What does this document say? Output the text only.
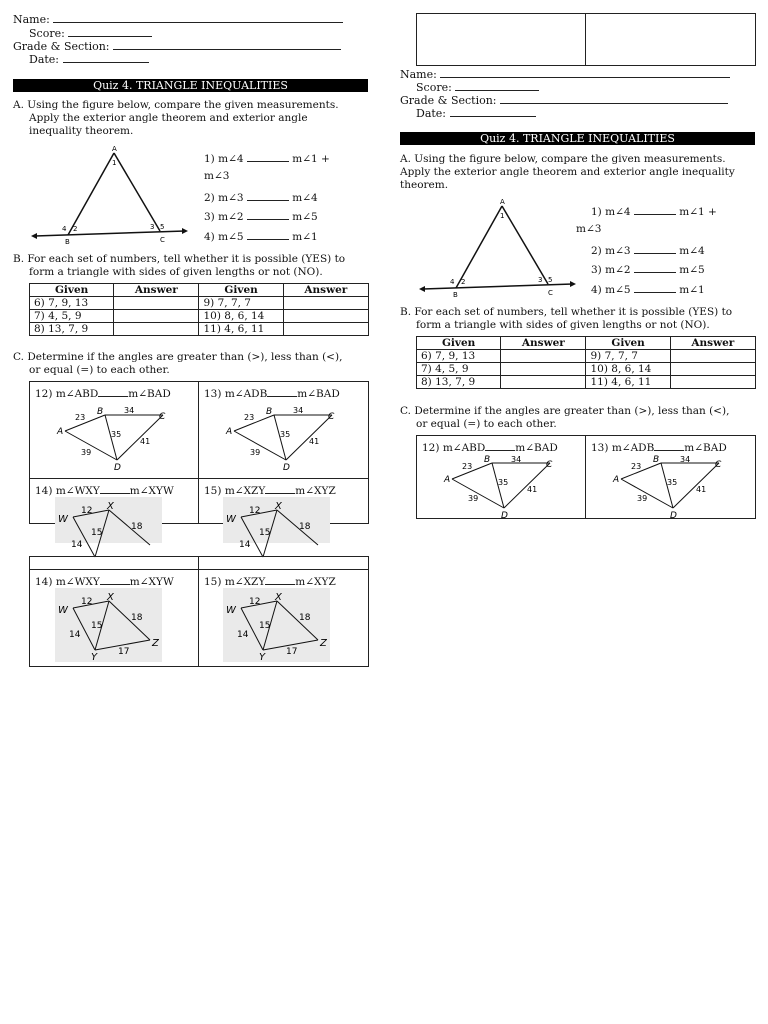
Name:
Score:
Grade & Section:
Date:
Quiz 4. TRIANGLE INEQUALITIES
A. Using the figure below, compare the given measurements.
Apply the exterior angle theorem and exterior angle
inequality theorem.
A
1
4 2	3 5
B	C
1) m∠4	m∠1 +
m∠3
2) m∠3	m∠4
3) m∠2	m∠5
4) m∠5	m∠1
B. For each set of numbers, tell whether it is possible (YES) to
form a triangle with sides of given lengths or not (NO).
Given	Answer	Given	Answer
6) 7, 9, 13		9) 7, 7, 7	
7) 4, 5, 9		10) 8, 6, 14	
8) 13, 7, 9		11) 4, 6, 11	
C. Determine if the angles are greater than (>), less than (<),
or equal (=) to each other.
12) m∠ABD	m∠BAD	13) m∠ADB	m∠BAD
A
B	C
D
23
34
35
41
39
A
B	C
D
23
34
35
41
39
14) m∠WXY	m∠XYW	15) m∠XZY	m∠XYZ
W
X
12
18
15
14
W
X
12
18
15
14
14) m∠WXY	m∠XYW	15) m∠XZY	m∠XYZ
W
X
Y
Z
12
18
15
14
17
W
X
Y
Z
12
18
15
14
17
Name:
Score:
Grade & Section:
Date:
Quiz 4. TRIANGLE INEQUALITIES
A. Using the figure below, compare the given measurements.
Apply the exterior angle theorem and exterior angle inequality
theorem.
A
1
4 2	3 5
B	C
1) m∠4	m∠1 +
m∠3
2) m∠3	m∠4
3) m∠2	m∠5
4) m∠5	m∠1
B. For each set of numbers, tell whether it is possible (YES) to
form a triangle with sides of given lengths or not (NO).
Given	Answer	Given	Answer
6) 7, 9, 13		9) 7, 7, 7	
7) 4, 5, 9		10) 8, 6, 14	
8) 13, 7, 9		11) 4, 6, 11	
C. Determine if the angles are greater than (>), less than (<),
or equal (=) to each other.
12) m∠ABD	m∠BAD	13) m∠ADB	m∠BAD
A
B	C
D
23
34
35
41
39
A
B	C
D
23
34
35
41
39
